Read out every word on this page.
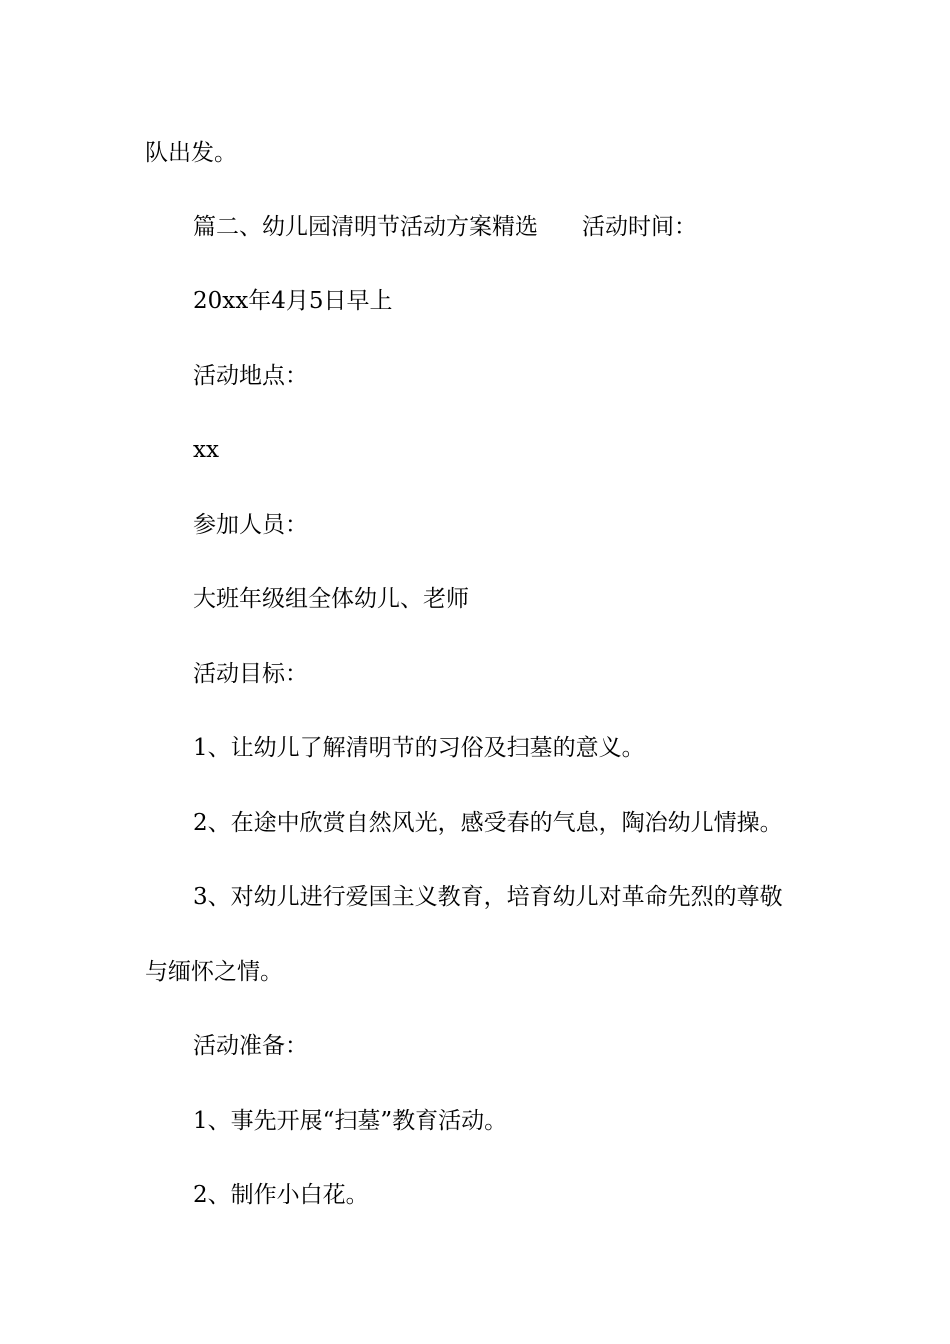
队出发。
篇二、幼儿园清明节活动方案精选 活动时间：
20xx年4月5日早上
活动地点：
xx
参加人员：
大班年级组全体幼儿、老师
活动目标：
1、让幼儿了解清明节的习俗及扫墓的意义。
2、在途中欣赏自然风光，感受春的气息，陶冶幼儿情操。
3、对幼儿进行爱国主义教育，培育幼儿对革命先烈的尊敬
与缅怀之情。
活动准备：
1、事先开展“扫墓”教育活动。
2、制作小白花。
